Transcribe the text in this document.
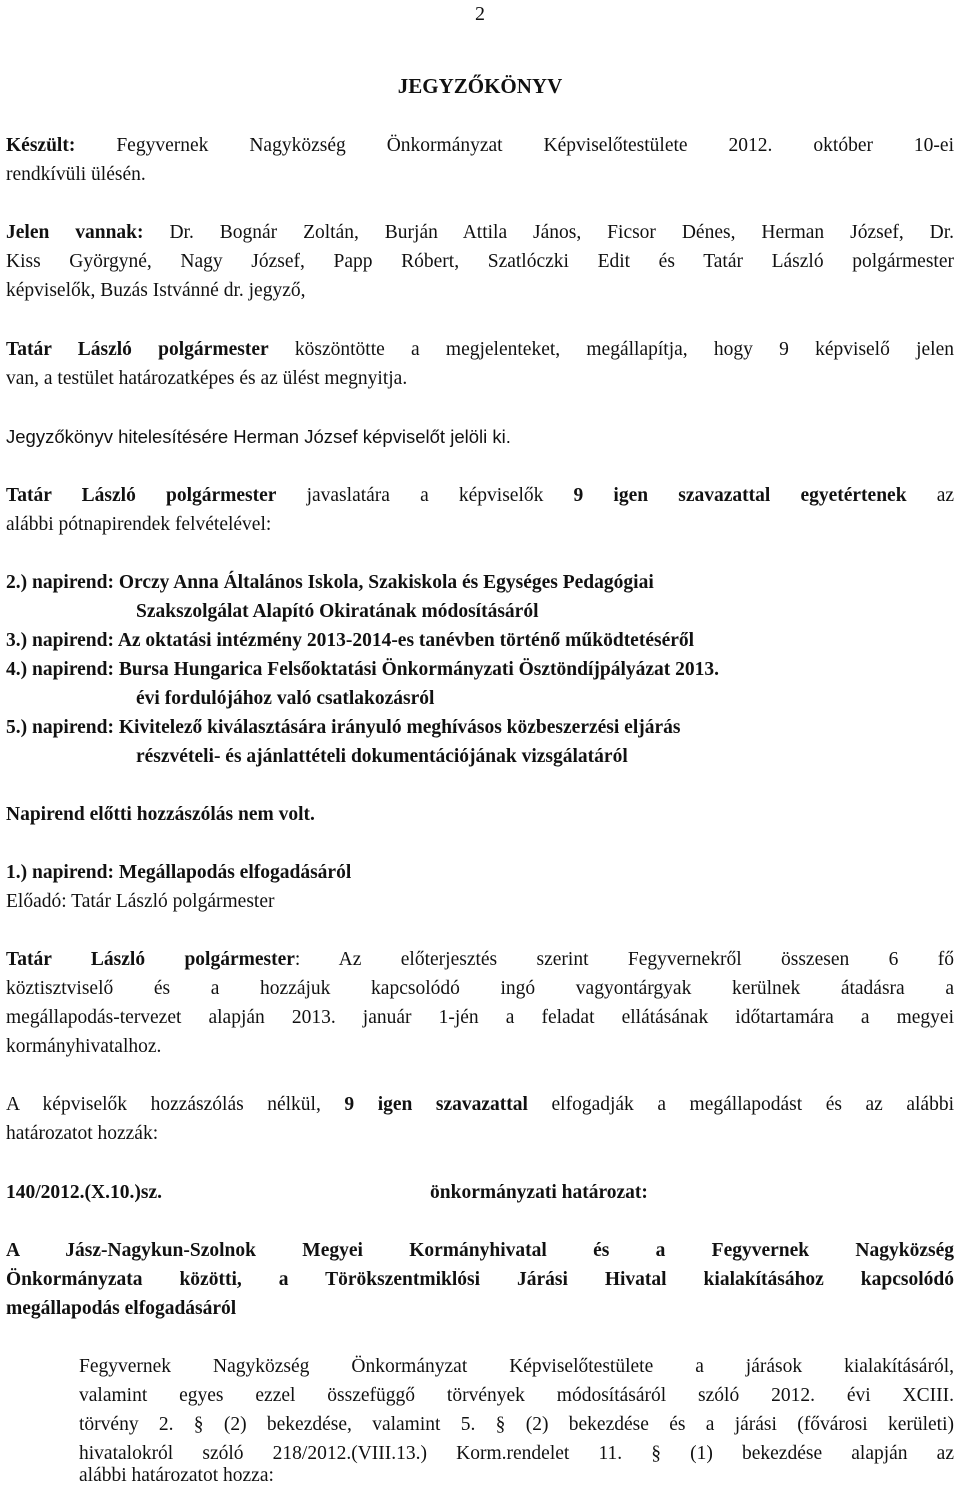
2
JEGYZŐKÖNYV
Készült: Fegyvernek Nagyközség Önkormányzat Képviselőtestülete 2012. október 10-ei
rendkívüli ülésén.
Jelen vannak: Dr. Bognár Zoltán, Burján Attila János, Ficsor Dénes, Herman József, Dr.
Kiss Györgyné, Nagy József, Papp Róbert, Szatlóczki Edit és Tatár László polgármester
képviselők, Buzás Istvánné dr. jegyző,
Tatár László polgármester köszöntötte a megjelenteket, megállapítja, hogy 9 képviselő jelen
van, a testület határozatképes és az ülést megnyitja.
Jegyzőkönyv hitelesítésére Herman József képviselőt jelöli ki.
Tatár László polgármester javaslatára a képviselők 9 igen szavazattal egyetértenek az
alábbi pótnapirendek felvételével:
2.) napirend: Orczy Anna Általános Iskola, Szakiskola és Egységes Pedagógiai
Szakszolgálat Alapító Okiratának módosításáról
3.) napirend: Az oktatási intézmény 2013-2014-es tanévben történő működtetéséről
4.) napirend: Bursa Hungarica Felsőoktatási Önkormányzati Ösztöndíjpályázat 2013.
évi fordulójához való csatlakozásról
5.) napirend: Kivitelező kiválasztására irányuló meghívásos közbeszerzési eljárás
részvételi- és ajánlattételi dokumentációjának vizsgálatáról
Napirend előtti hozzászólás nem volt.
1.) napirend: Megállapodás elfogadásáról
Előadó: Tatár László polgármester
Tatár László polgármester: Az előterjesztés szerint Fegyvernekről összesen 6 fő
köztisztviselő és a hozzájuk kapcsolódó ingó vagyontárgyak kerülnek átadásra a
megállapodás-tervezet alapján 2013. január 1-jén a feladat ellátásának időtartamára a megyei
kormányhivatalhoz.
A képviselők hozzászólás nélkül, 9 igen szavazattal elfogadják a megállapodást és az alábbi
határozatot hozzák:
140/2012.(X.10.)sz.	önkormányzati határozat:
A Jász-Nagykun-Szolnok Megyei Kormányhivatal és a Fegyvernek Nagyközség
Önkormányzata közötti, a Törökszentmiklósi Járási Hivatal kialakításához kapcsolódó
megállapodás elfogadásáról
Fegyvernek Nagyközség Önkormányzat Képviselőtestülete a járások kialakításáról,
valamint egyes ezzel összefüggő törvények módosításáról szóló 2012. évi XCIII.
törvény 2. § (2) bekezdése, valamint 5. § (2) bekezdése és a járási (fővárosi kerületi)
hivatalokról szóló 218/2012.(VIII.13.) Korm.rendelet 11. § (1) bekezdése alapján az
alábbi határozatot hozza:
